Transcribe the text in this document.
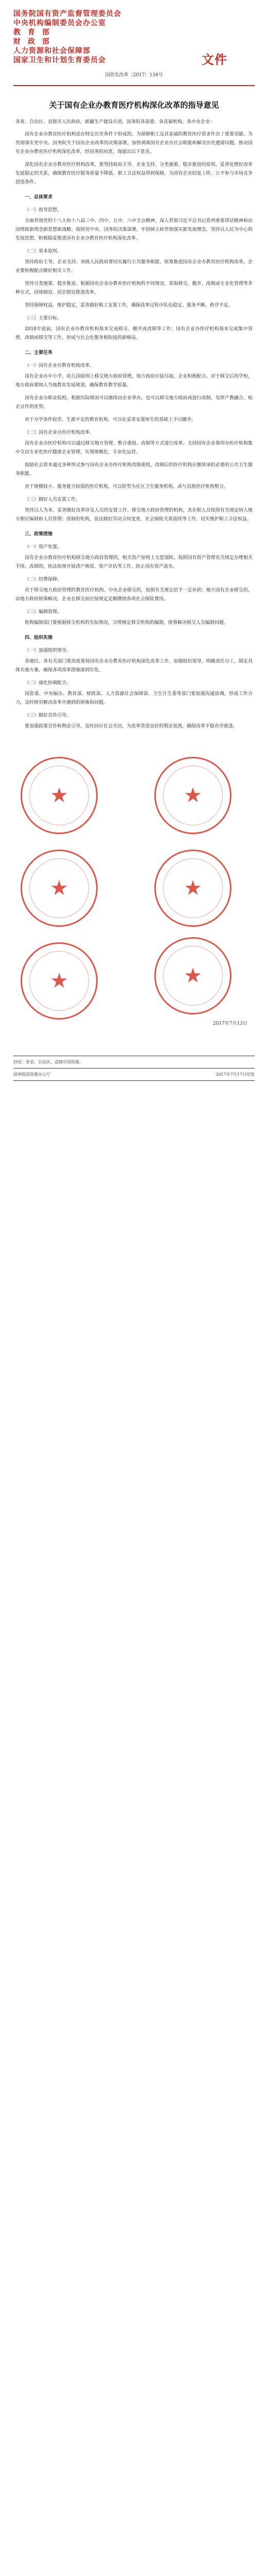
国务院国有资产监督管理委员会
中央机构编制委员会办公室
教育部
财政部
人力资源和社会保障部
国家卫生和计划生育委员会	文件
国资发改革〔2017〕134号
关于国有企业办教育医疗机构深化改革的指导意见
各省、自治区、直辖市人民政府，新疆生产建设兵团，国务院各部委、各直属机构，各中央企业：
国有企业办教育医疗机构是在特定历史条件下形成的，为保障职工及其家属的教育医疗需求作出了重要贡献。为贯彻落实党中央、国务院关于国有企业改革的决策部署，加快剥离国有企业办社会职能和解决历史遗留问题，推动国有企业办教育医疗机构深化改革，经国务院同意，现提出以下意见。
深化国有企业办教育医疗机构改革，要坚持政府主导、企业支持、分类施策、稳步推进的原则，妥善处理好改革发展稳定的关系，确保教育医疗服务质量不降低、职工合法权益得到保障，为国有企业轻装上阵、公平参与市场竞争创造条件。
一、总体要求
（一）指导思想。
全面贯彻党的十八大和十八届三中、四中、五中、六中全会精神，深入贯彻习近平总书记系列重要讲话精神和治国理政新理念新思想新战略，按照党中央、国务院决策部署，牢固树立和贯彻落实新发展理念，坚持以人民为中心的发展思想，积极稳妥推进国有企业办教育医疗机构深化改革。
（二）基本原则。
坚持政府主导、企业支持。各级人民政府要切实履行公共服务职能，统筹推进国有企业办教育医疗机构改革，企业要积极配合做好相关工作。
坚持分类施策、稳步推进。根据国有企业办教育医疗机构的不同情况，采取移交、撤并、改制或专业化管理等多种方式，因地制宜、因企制宜推进改革。
坚持保障权益、维护稳定。妥善做好职工安置工作，确保改革过程中队伍稳定、服务不断、秩序不乱。
（三）主要目标。
2018年底前，国有企业办教育机构基本完成移交、撤并或改制等工作；国有企业办医疗机构基本完成集中管理、改制或移交等工作，形成与社会化服务相衔接的新格局。
二、主要任务
（一）国有企业办教育机构改革。
国有企业办中小学、幼儿园原则上移交地方政府管理，地方政府应接尽接，企业积极配合。对于移交后的学校，地方政府要纳入当地教育发展规划，确保教育教学质量。
国有企业办职业院校，根据实际情况可以继续由企业举办，也可以移交地方政府或进行改制，发挥产教融合、校企合作的优势。
对于办学条件较差、生源不足的教育机构，可以在妥善安置师生的基础上予以撤并。
（二）国有企业办医疗机构改革。
国有企业办医疗机构可以通过移交地方管理、整合重组、改制等方式进行改革。支持国有企业将所办医疗机构集中交由专业化医疗健康企业管理，实现规模化、专业化运营。
鼓励社会资本通过多种形式参与国有企业办医疗机构改制重组，改制后的医疗机构应继续承担必要的公共卫生服务职能。
对于规模较小、服务能力较弱的医疗机构，可以转型为社区卫生服务机构，或与其他医疗机构整合。
（三）做好人员安置工作。
坚持以人为本，妥善做好改革涉及人员的安置工作。移交地方政府管理的机构，其在职人员按照有关规定纳入地方相应编制和人员管理；改制的机构，依法做好劳动合同变更、社会保险关系接续等工作，切实维护职工合法权益。
三、政策措施
（一）资产处置。
国有企业办教育医疗机构移交地方政府管理的，相关资产原则上无偿划转，按照国有资产管理有关规定办理相关手续。改制的，依法依规开展清产核资、资产评估等工作，防止国有资产流失。
（二）经费保障。
对于移交地方政府管理的教育医疗机构，中央企业移交的，按照有关规定给予一定补助；地方国有企业移交的，由地方政府统筹解决。企业在移交前应按规定足额缴纳各项社会保险费用。
（三）编制管理。
机构编制部门要根据移交机构的实际情况，合理核定移交机构的编制，统筹解决移交人员编制问题。
四、组织实施
（一）加强组织领导。
各地区、各有关部门要高度重视国有企业办教育医疗机构深化改革工作，加强组织领导，明确责任分工，制定具体实施方案，确保各项改革措施落到实处。
（二）强化协调配合。
国资委、中央编办、教育部、财政部、人力资源社会保障部、卫生计生委等部门要加强沟通协调，形成工作合力，及时研究解决改革中遇到的困难和问题。
（三）做好宣传引导。
要加强政策宣传和舆论引导，及时回应社会关切，为改革营造良好的舆论氛围，确保改革平稳有序推进。
★
★
★
★
★
★
2017年7月13日
抄送：各省、自治区、直辖市国资委。
国务院国资委办公厅	2017年7月17日印发
